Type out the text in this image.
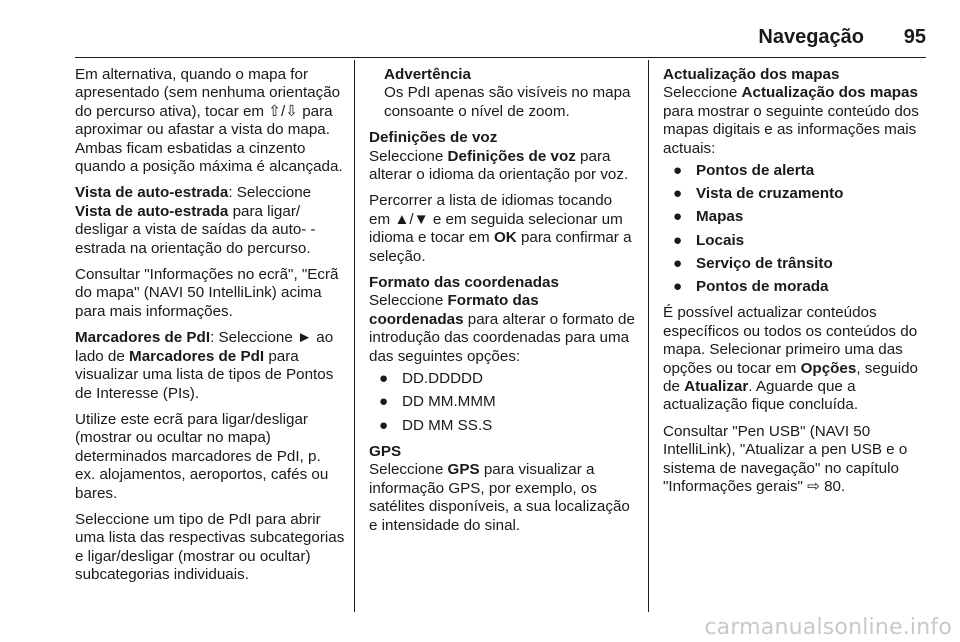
Navegação 95

Em alternativa, quando o mapa for apresentado (sem nenhuma orientação do percurso ativa), tocar em ⇧/⇩ para aproximar ou afastar a vista do mapa. Ambas ficam esbatidas a cinzento quando a posição máxima é alcançada.

Vista de auto-estrada: Seleccione Vista de auto-estrada para ligar/ desligar a vista de saídas da auto- -estrada na orientação do percurso.

Consultar "Informações no ecrã", "Ecrã do mapa" (NAVI 50 IntelliLink) acima para mais informações.

Marcadores de PdI: Seleccione ► ao lado de Marcadores de PdI para visualizar uma lista de tipos de Pontos de Interesse (PIs).

Utilize este ecrã para ligar/desligar (mostrar ou ocultar no mapa) determinados marcadores de PdI, p. ex. alojamentos, aeroportos, cafés ou bares.

Seleccione um tipo de PdI para abrir uma lista das respectivas subcategorias e ligar/desligar (mostrar ou ocultar) subcategorias individuais.

Advertência
Os PdI apenas são visíveis no mapa consoante o nível de zoom.

Definições de voz
Seleccione Definições de voz para alterar o idioma da orientação por voz.

Percorrer a lista de idiomas tocando em ▲/▼ e em seguida selecionar um idioma e tocar em OK para confirmar a seleção.

Formato das coordenadas
Seleccione Formato das coordenadas para alterar o formato de introdução das coordenadas para uma das seguintes opções:

● DD.DDDDD
● DD MM.MMM
● DD MM SS.S

GPS
Seleccione GPS para visualizar a informação GPS, por exemplo, os satélites disponíveis, a sua localização e intensidade do sinal.

Actualização dos mapas
Seleccione Actualização dos mapas para mostrar o seguinte conteúdo dos mapas digitais e as informações mais actuais:

● Pontos de alerta
● Vista de cruzamento
● Mapas
● Locais
● Serviço de trânsito
● Pontos de morada

É possível actualizar conteúdos específicos ou todos os conteúdos do mapa. Selecionar primeiro uma das opções ou tocar em Opções, seguido de Atualizar. Aguarde que a actualização fique concluída.

Consultar "Pen USB" (NAVI 50 IntelliLink), "Atualizar a pen USB e o sistema de navegação" no capítulo "Informações gerais" ⇨ 80.

carmanualsonline.info
